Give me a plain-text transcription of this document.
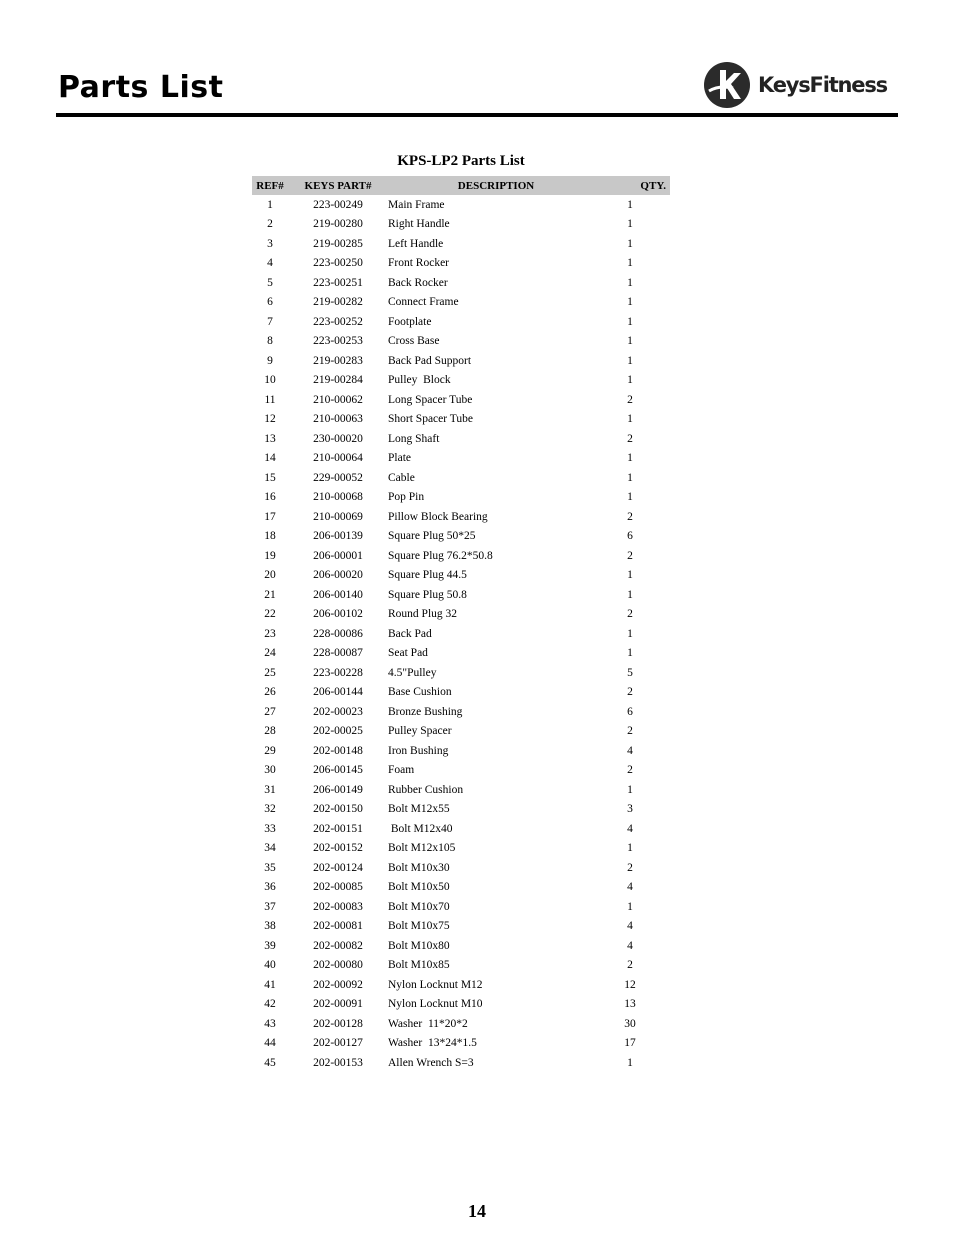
Parts List	KeysFitness
KPS-LP2 Parts List
REF#	KEYS PART#	DESCRIPTION	QTY.
1	223-00249	Main Frame	1
2	219-00280	Right Handle	1
3	219-00285	Left Handle	1
4	223-00250	Front Rocker	1
5	223-00251	Back Rocker	1
6	219-00282	Connect Frame	1
7	223-00252	Footplate	1
8	223-00253	Cross Base	1
9	219-00283	Back Pad Support	1
10	219-00284	Pulley  Block	1
11	210-00062	Long Spacer Tube	2
12	210-00063	Short Spacer Tube	1
13	230-00020	Long Shaft	2
14	210-00064	Plate	1
15	229-00052	Cable	1
16	210-00068	Pop Pin	1
17	210-00069	Pillow Block Bearing	2
18	206-00139	Square Plug 50*25	6
19	206-00001	Square Plug 76.2*50.8	2
20	206-00020	Square Plug 44.5	1
21	206-00140	Square Plug 50.8	1
22	206-00102	Round Plug 32	2
23	228-00086	Back Pad	1
24	228-00087	Seat Pad	1
25	223-00228	4.5"Pulley	5
26	206-00144	Base Cushion	2
27	202-00023	Bronze Bushing	6
28	202-00025	Pulley Spacer	2
29	202-00148	Iron Bushing	4
30	206-00145	Foam	2
31	206-00149	Rubber Cushion	1
32	202-00150	Bolt M12x55	3
33	202-00151	Bolt M12x40	4
34	202-00152	Bolt M12x105	1
35	202-00124	Bolt M10x30	2
36	202-00085	Bolt M10x50	4
37	202-00083	Bolt M10x70	1
38	202-00081	Bolt M10x75	4
39	202-00082	Bolt M10x80	4
40	202-00080	Bolt M10x85	2
41	202-00092	Nylon Locknut M12	12
42	202-00091	Nylon Locknut M10	13
43	202-00128	Washer  11*20*2	30
44	202-00127	Washer  13*24*1.5	17
45	202-00153	Allen Wrench S=3	1
14
